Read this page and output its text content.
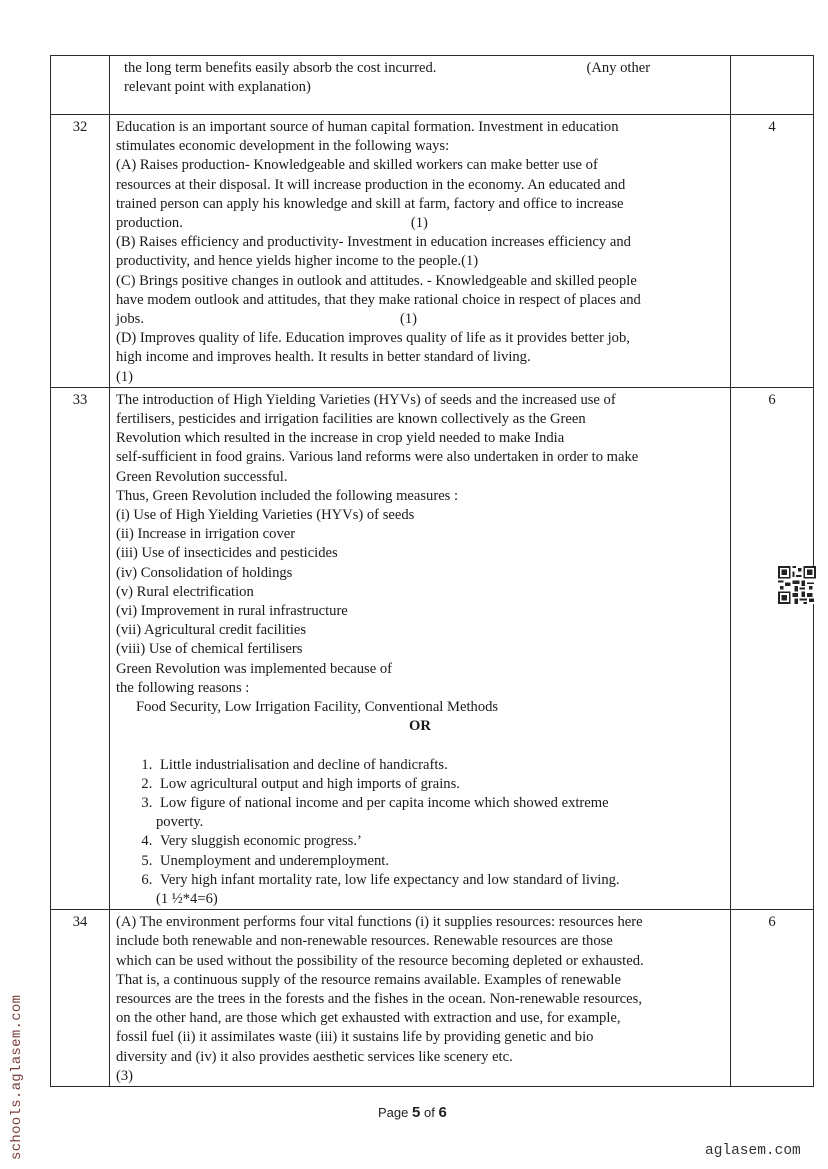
	the long term benefits easily absorb the cost incurred. (Any other
relevant point with explanation)	

32	Education is an important source of human capital formation. Investment in education
stimulates economic development in the following ways:
(A) Raises production- Knowledgeable and skilled workers can make better use of
resources at their disposal. It will increase production in the economy. An educated and
trained person can apply his knowledge and skill at farm, factory and office to increase
production.	(1)
(B) Raises efficiency and productivity- Investment in education increases efficiency and
productivity, and hence yields higher income to the people.(1)
(C) Brings positive changes in outlook and attitudes. - Knowledgeable and skilled people
have modem outlook and attitudes, that they make rational choice in respect of places and
jobs.	(1)
(D) Improves quality of life. Education improves quality of life as it provides better job,
high income and improves health. It results in better standard of living.
(1)
	4
33	The introduction of High Yielding Varieties (HYVs) of seeds and the increased use of
fertilisers, pesticides and irrigation facilities are known collectively as the Green
Revolution which resulted in the increase in crop yield needed to make India
self-sufficient in food grains. Various land reforms were also undertaken in order to make
Green Revolution successful.
Thus, Green Revolution included the following measures :
(i) Use of High Yielding Varieties (HYVs) of seeds
(ii) Increase in irrigation cover
(iii) Use of insecticides and pesticides
(iv) Consolidation of holdings
(v) Rural electrification
(vi) Improvement in rural infrastructure
(vii) Agricultural credit facilities
(viii) Use of chemical fertilisers
Green Revolution was implemented because of
the following reasons :
Food Security, Low Irrigation Facility, Conventional Methods
OR
1. Little industrialisation and decline of handicrafts.
2. Low agricultural output and high imports of grains.
3. Low figure of national income and per capita income which showed extreme
poverty.
4. Very sluggish economic progress.’
5. Unemployment and underemployment.
6. Very high infant mortality rate, low life expectancy and low standard of living.
(1 ½*4=6)
	6
34	(A) The environment performs four vital functions (i) it supplies resources: resources here
include both renewable and non-renewable resources. Renewable resources are those
which can be used without the possibility of the resource becoming depleted or exhausted.
That is, a continuous supply of the resource remains available. Examples of renewable
resources are the trees in the forests and the fishes in the ocean. Non-renewable resources,
on the other hand, are those which get exhausted with extraction and use, for example,
fossil fuel (ii) it assimilates waste (iii) it sustains life by providing genetic and bio
diversity and (iv) it also provides aesthetic services like scenery etc.
(3)
	6
Page 5 of 6
schools.aglasem.com	aglasem.com
